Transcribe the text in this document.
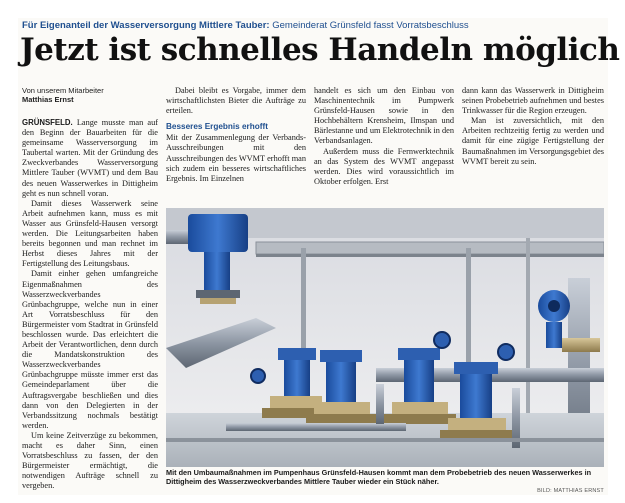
Für Eigenanteil der Wasserversorgung Mittlere Tauber: Gemeinderat Grünsfeld fasst Vorratsbeschluss
Jetzt ist schnelles Handeln möglich
Von unserem Mitarbeiter
Matthias Ernst

GRÜNSFELD. Lange musste man auf den Beginn der Bauarbeiten für die gemeinsame Wasserversorgung im Taubertal warten. Mit der Gründung des Zweckverbandes Wasserversorgung Mittlere Tauber (WVMT) und dem Bau des neuen Wasserwerkes in Dittigheim geht es nun schnell voran.

Damit dieses Wasserwerk seine Arbeit aufnehmen kann, muss es mit Wasser aus Grünsfeld-Hausen versorgt werden. Die Leitungsarbeiten haben bereits begonnen und man rechnet im Herbst dieses Jahres mit der Fertigstellung des Leitungsbaus.

Damit einher gehen umfangreiche Eigenmaßnahmen des Wasserzweckverbandes Grünbachgruppe, welche nun in einer Art Vorratsbeschluss für den Bürgermeister vom Stadtrat in Grünsfeld beschlossen wurde. Das erleichtert die Arbeit der Verantwortlichen, denn durch die Mandatskonstruktion des Wasserzweckverbandes Grünbachgruppe müsste immer erst das Gemeindeparlament über die Auftragsvergabe beschließen und dies dann von den Delegierten in der Verbandssitzung nochmals bestätigt werden.

Um keine Zeitverzüge zu bekommen, macht es daher Sinn, einen Vorratsbeschluss zu fassen, der den Bürgermeister ermächtigt, die notwendigen Aufträge schnell zu vergeben.

Dabei bleibt es Vorgabe, immer dem wirtschaftlichsten Bieter die Aufträge zu erteilen.

Besseres Ergebnis erhofft

Mit der Zusammenlegung der Verbands-Ausschreibungen mit den Ausschreibungen des WVMT erhofft man sich zudem ein besseres wirtschaftliches Ergebnis. Im Einzelnen

handelt es sich um den Einbau von Maschinentechnik im Pumpwerk Grünsfeld-Hausen sowie in den Hochbehältern Krensheim, Ilmspan und Bärlestanne und um Elektrotechnik in den Verbandsanlagen.

Außerdem muss die Fernwerktechnik an das System des WVMT angepasst werden. Dies wird voraussichtlich im Oktober erfolgen. Erst

dann kann das Wasserwerk in Dittigheim seinen Probebetrieb aufnehmen und bestes Trinkwasser für die Region erzeugen.

Man ist zuversichtlich, mit den Arbeiten rechtzeitig fertig zu werden und damit für eine zügige Fertigstellung der Baumaßnahmen im Versorgungsgebiet des WVMT bereit zu sein.

Mit den Umbaumaßnahmen im Pumpenhaus Grünsfeld-Hausen kommt man dem Probebetrieb des neuen Wasserwerkes in Dittigheim des Wasserzweckverbandes Mittlere Tauber wieder ein Stück näher.
BILD: MATTHIAS ERNST
